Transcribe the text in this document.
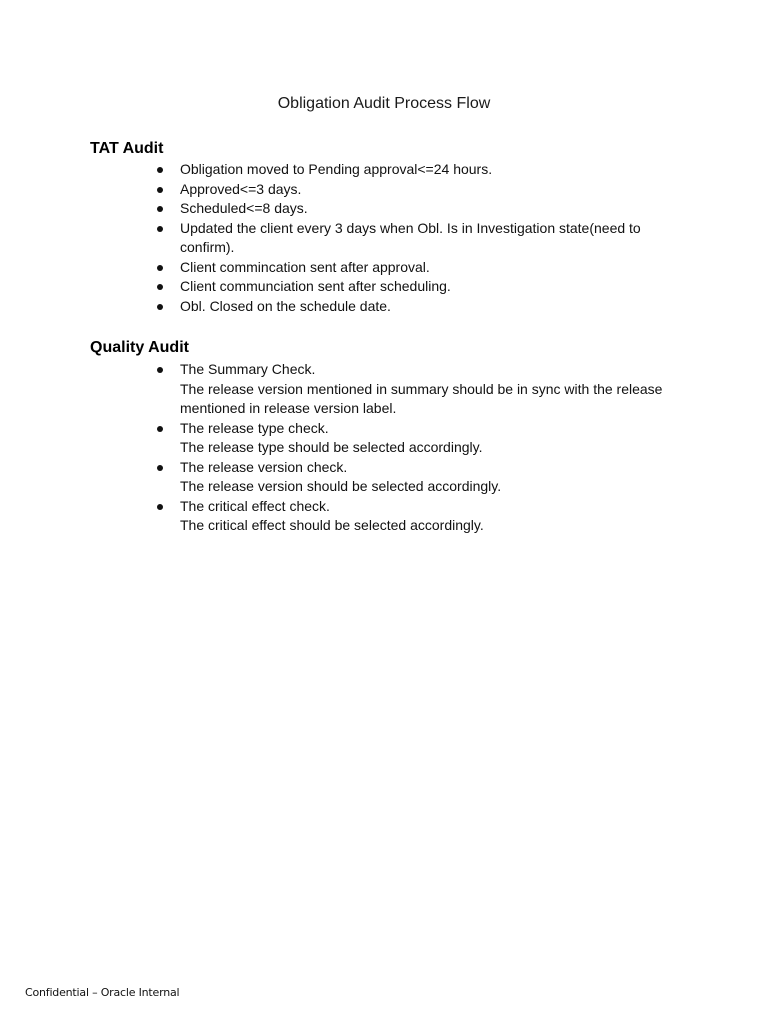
Obligation Audit Process Flow
TAT Audit
Obligation moved to Pending approval<=24 hours.
Approved<=3 days.
Scheduled<=8 days.
Updated the client every 3 days when Obl. Is in Investigation state(need to confirm).
Client commincation sent after approval.
Client communciation sent after scheduling.
Obl. Closed on the schedule date.
Quality Audit
The Summary Check.
The release version mentioned in summary should be in sync with the release mentioned in release version label.
The release type check.
The release type should be selected accordingly.
The release version check.
The release version should be selected accordingly.
The critical effect check.
The critical effect should be selected accordingly.
Confidential – Oracle Internal
